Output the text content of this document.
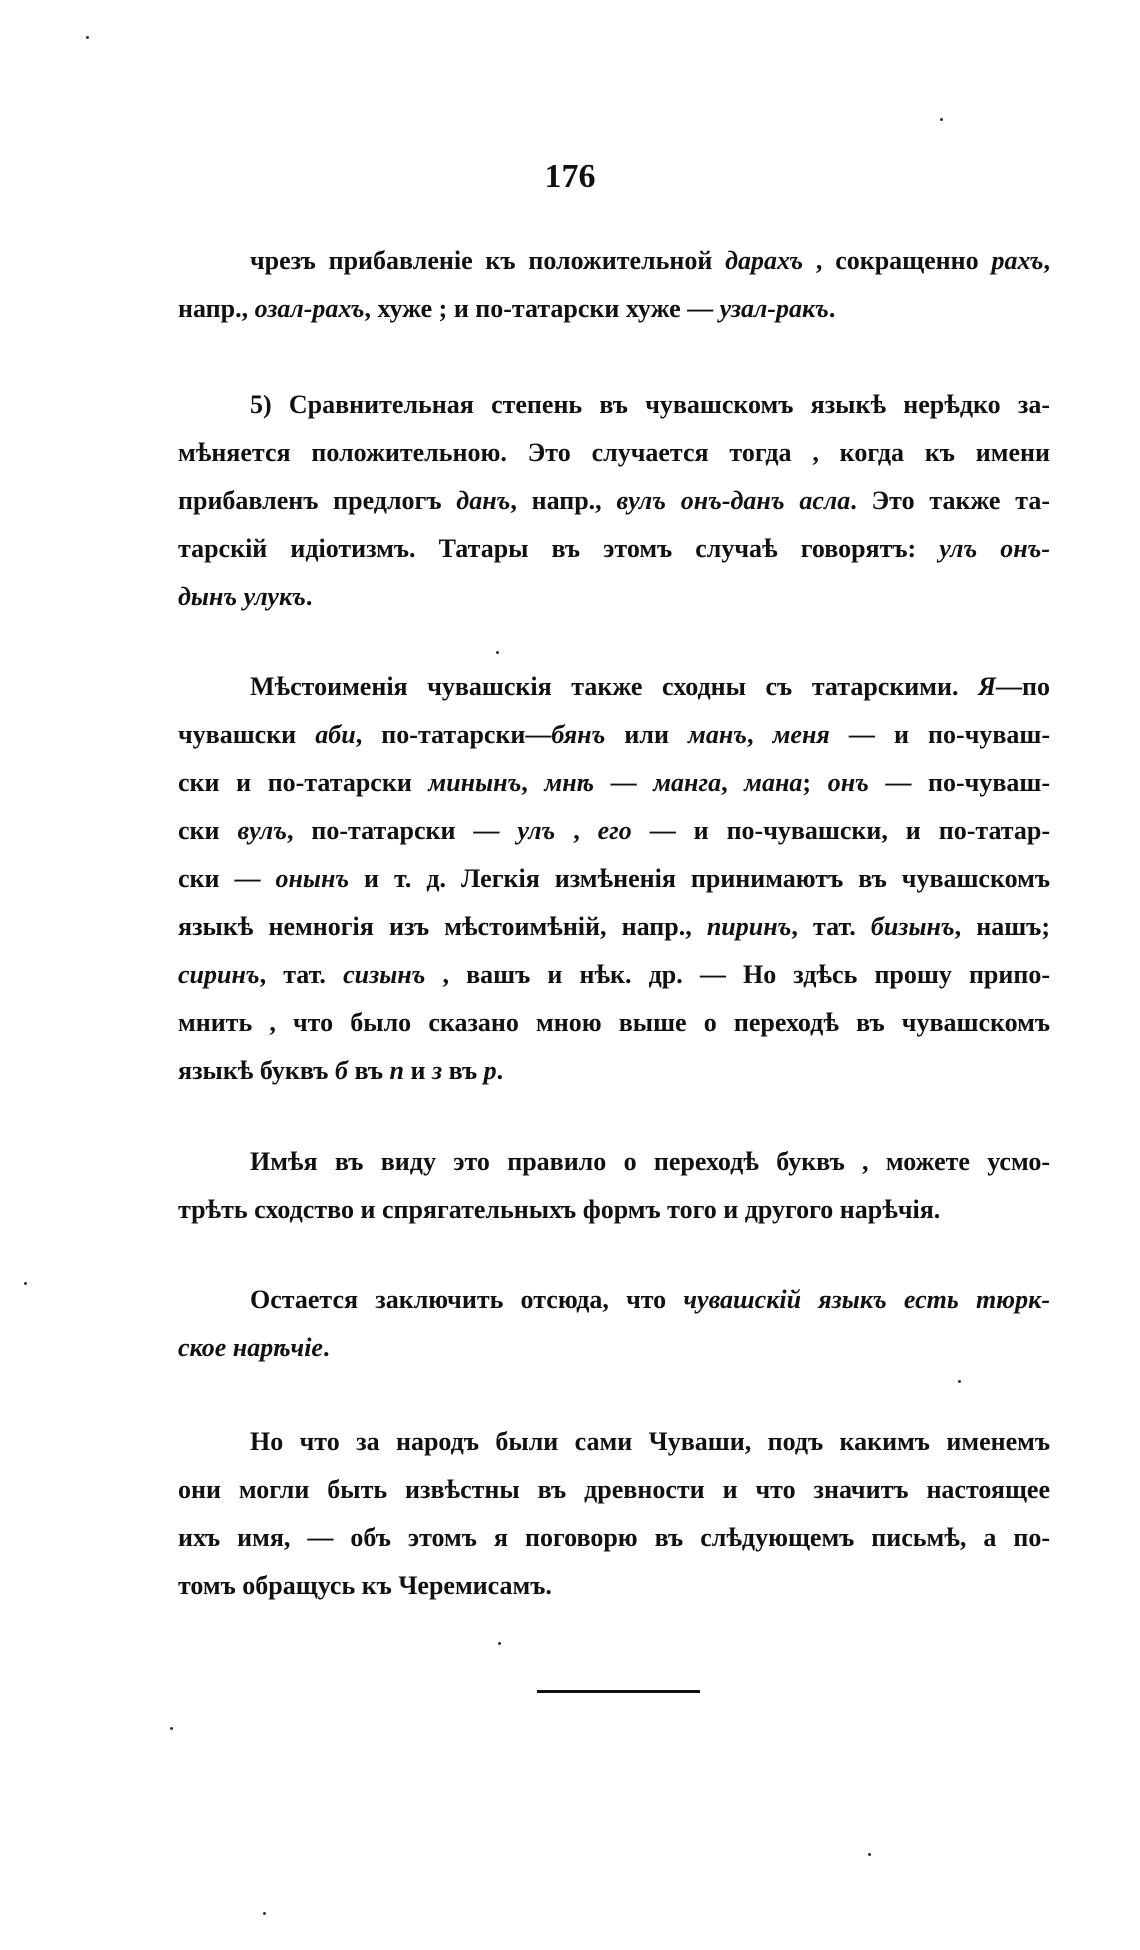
176
чрезъ прибавленіе къ положительной дарахъ , сокращенно рахъ,
напр., озал-рахъ, хуже ; и по-татарски хуже — узал-ракъ.
5) Сравнительная степень въ чувашскомъ языкѣ нерѣдко за-
мѣняется положительною. Это случается тогда , когда къ имени
прибавленъ предлогъ данъ, напр., вулъ онъ-данъ асла. Это также та-
тарскій идіотизмъ. Татары въ этомъ случаѣ говорятъ: улъ онъ-
дынъ улукъ.
Мѣстоименія чувашскія также сходны съ татарскими. Я—по
чувашски аби, по-татарски—бянъ или манъ, меня — и по-чуваш-
ски и по-татарски минынъ, мнѣ — мангa, мана; онъ — по-чуваш-
ски вулъ, по-татарски — улъ , его — и по-чувашски, и по-татар-
ски — онынъ и т. д. Легкія измѣненія принимаютъ въ чувашскомъ
языкѣ немногія изъ мѣстоимѣній, напр., пиринъ, тат. бизынъ, нашъ;
сиринъ, тат. сизынъ , вашъ и нѣк. др. — Но здѣсь прошу припо-
мнить , что было сказано мною выше о переходѣ въ чувашскомъ
языкѣ буквъ б въ п и з въ р.
Имѣя въ виду это правило о переходѣ буквъ , можете усмо-
трѣть сходство и спрягательныхъ формъ того и другого нарѣчія.
Остается заключить отсюда, что чувашскій языкъ есть тюрк-
ское нарѣчіе.
Но что за народъ были сами Чуваши, подъ какимъ именемъ
они могли быть извѣстны въ древности и что значитъ настоящее
ихъ имя, — объ этомъ я поговорю въ слѣдующемъ письмѣ, а по-
томъ обращусь къ Черемисамъ.
